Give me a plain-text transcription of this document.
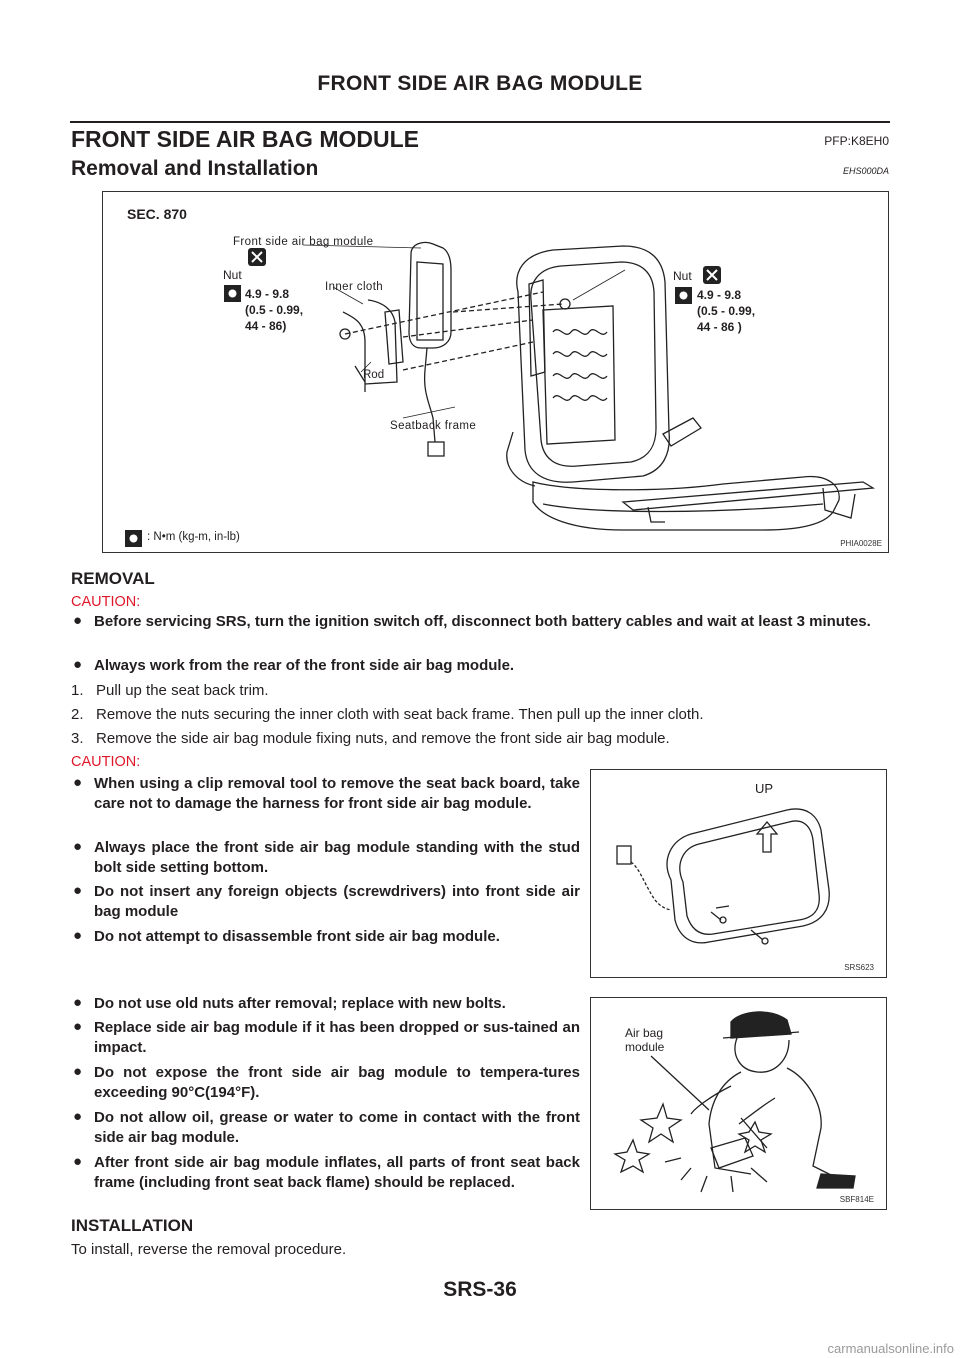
FRONT SIDE AIR BAG MODULE
FRONT SIDE AIR BAG MODULE	PFP:K8EH0
Removal and Installation	EHS000DA
SEC. 870
Front side air bag module
Nut
Inner cloth
4.9 - 9.8
(0.5 - 0.99,
44 - 86)
Nut
4.9 - 9.8
(0.5 - 0.99,
44 - 86 )
Rod
Seatback frame
: N•m (kg-m, in-lb)
PHIA0028E
REMOVAL
CAUTION:
● Before servicing SRS, turn the ignition switch off, disconnect both battery cables and wait at least 3 minutes.
● Always work from the rear of the front side air bag module.
1.   Pull up the seat back trim.
2.   Remove the nuts securing the inner cloth with seat back frame. Then pull up the inner cloth.
3.   Remove the side air bag module fixing nuts, and remove the front side air bag module.
CAUTION:
● When using a clip removal tool to remove the seat back board, take care not to damage the harness for front side air bag module.
● Always place the front side air bag module standing with the stud bolt side setting bottom.
● Do not insert any foreign objects (screwdrivers) into front side air bag module
● Do not attempt to disassemble front side air bag module.
UP
SRS623
● Do not use old nuts after removal; replace with new bolts.
● Replace side air bag module if it has been dropped or sus-tained an impact.
● Do not expose the front side air bag module to tempera-tures exceeding 90°C(194°F).
● Do not allow oil, grease or water to come in contact with the front side air bag module.
● After front side air bag module inflates, all parts of front seat back frame (including front seat back flame) should be replaced.
Air bag
module
SBF814E
INSTALLATION
To install, reverse the removal procedure.
SRS-36
carmanualsonline.info
